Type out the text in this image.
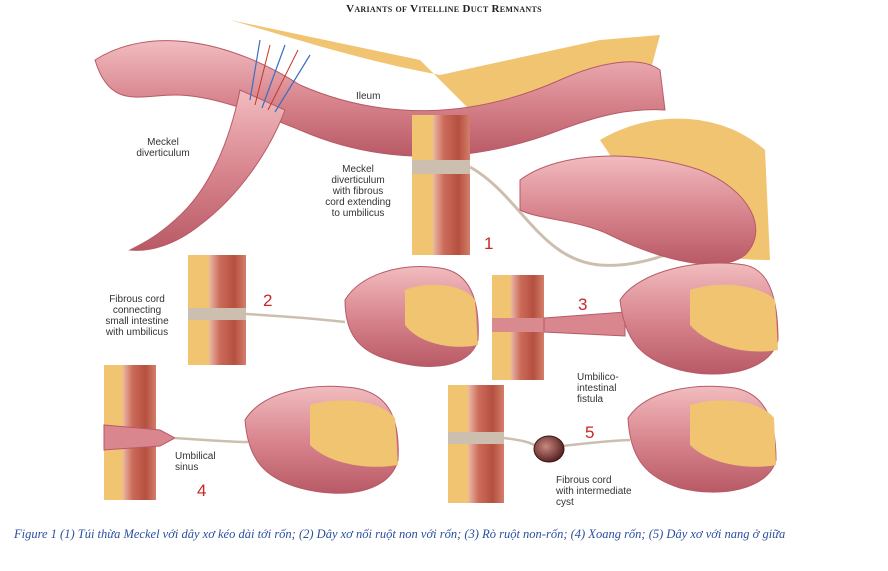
Variants of Vitelline Duct Remnants
Ileum
Meckel
diverticulum
Meckel
diverticulum
with fibrous
cord extending
to umbilicus
1
Fibrous cord
connecting
small intestine
with umbilicus
2	3
Umbilico-
intestinal
fistula
Umbilical
sinus
4
5
Fibrous cord
with intermediate
cyst
Figure 1 (1) Túi thừa Meckel với dây xơ kéo dài tới rốn; (2) Dây xơ nối ruột non với rốn; (3) Rò ruột non-rốn; (4) Xoang rốn; (5) Dây xơ với nang ở giữa
